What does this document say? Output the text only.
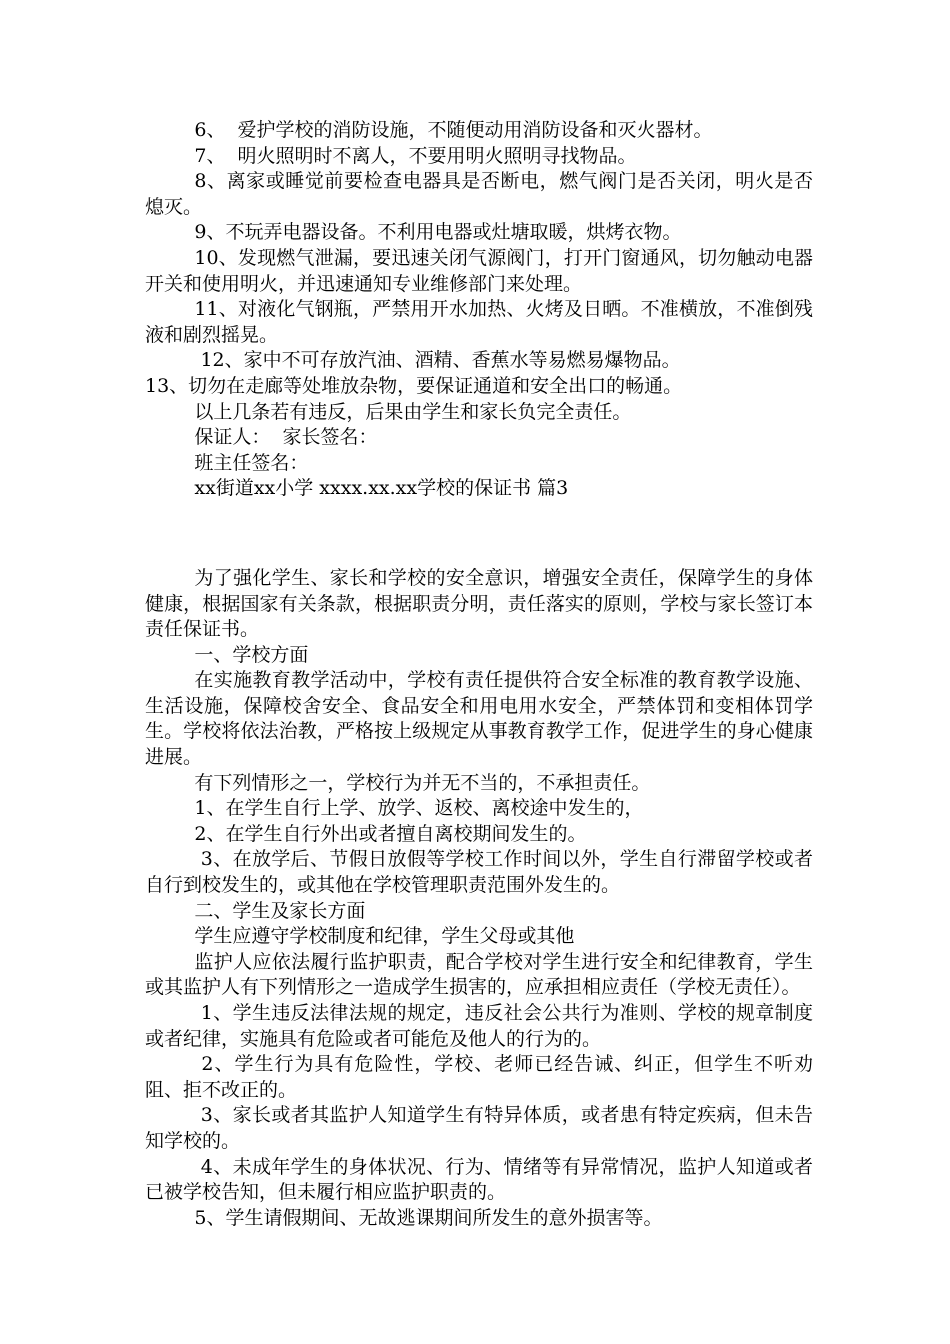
6、  爱护学校的消防设施，不随便动用消防设备和灭火器材。

7、  明火照明时不离人，不要用明火照明寻找物品。

8、离家或睡觉前要检查电器具是否断电，燃气阀门是否关闭，明火是否熄灭。

9、不玩弄电器设备。不利用电器或灶塘取暖，烘烤衣物。

10、发现燃气泄漏，要迅速关闭气源阀门，打开门窗通风，切勿触动电器开关和使用明火，并迅速通知专业维修部门来处理。

11、对液化气钢瓶，严禁用开水加热、火烤及日晒。不准横放，不准倒残液和剧烈摇晃。

12、家中不可存放汽油、酒精、香蕉水等易燃易爆物品。

13、切勿在走廊等处堆放杂物，要保证通道和安全出口的畅通。

以上几条若有违反，后果由学生和家长负完全责任。

保证人：  家长签名：

班主任签名：

xx街道xx小学 xxxx.xx.xx学校的保证书 篇3

为了强化学生、家长和学校的安全意识，增强安全责任，保障学生的身体健康，根据国家有关条款，根据职责分明，责任落实的原则，学校与家长签订本责任保证书。

一、学校方面

在实施教育教学活动中，学校有责任提供符合安全标准的教育教学设施、生活设施，保障校舍安全、食品安全和用电用水安全，严禁体罚和变相体罚学生。学校将依法治教，严格按上级规定从事教育教学工作，促进学生的身心健康进展。

有下列情形之一，学校行为并无不当的，不承担责任。

1、在学生自行上学、放学、返校、离校途中发生的，

2、在学生自行外出或者擅自离校期间发生的。

3、在放学后、节假日放假等学校工作时间以外，学生自行滞留学校或者自行到校发生的，或其他在学校管理职责范围外发生的。

二、学生及家长方面

学生应遵守学校制度和纪律，学生父母或其他

监护人应依法履行监护职责，配合学校对学生进行安全和纪律教育，学生或其监护人有下列情形之一造成学生损害的，应承担相应责任（学校无责任）。

1、学生违反法律法规的规定，违反社会公共行为准则、学校的规章制度或者纪律，实施具有危险或者可能危及他人的行为的。

2、学生行为具有危险性，学校、老师已经告诫、纠正，但学生不听劝阻、拒不改正的。

3、家长或者其监护人知道学生有特异体质，或者患有特定疾病，但未告知学校的。

4、未成年学生的身体状况、行为、情绪等有异常情况，监护人知道或者已被学校告知，但未履行相应监护职责的。

5、学生请假期间、无故逃课期间所发生的意外损害等。
